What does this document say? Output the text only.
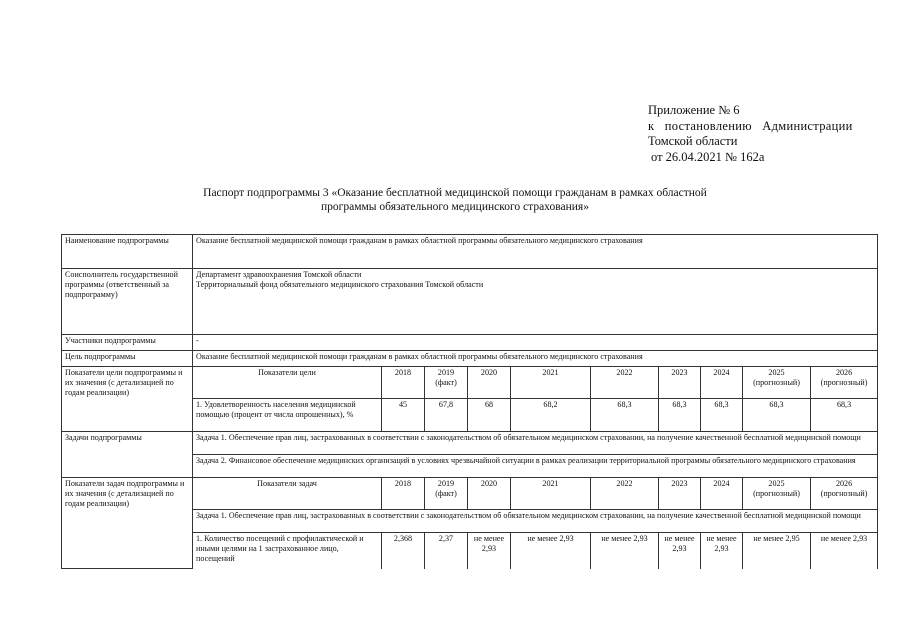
Приложение № 6
к постановлению Администрации
Томской области
от 26.04.2021 № 162а
Паспорт подпрограммы 3 «Оказание бесплатной медицинской помощи гражданам в рамках областной
программы обязательного медицинского страхования»
Наименование подпрограммы	Оказание бесплатной медицинской помощи гражданам в рамках областной программы обязательного медицинского страхования									
Соисполнитель государственной программы (ответственный за подпрограмму)	Департамент здравоохранения Томской области
Территориальный фонд обязательного медицинского страхования Томской области									

Участники подпрограммы	-									
Цель подпрограммы	Оказание бесплатной медицинской помощи гражданам в рамках областной программы обязательного медицинского страхования									
Показатели цели подпрограммы и их значения (с детализацией по годам реализации)	Показатели цели	2018	2019 (факт)	2020	2021	2022	2023	2024	2025 (прогнозный)	2026 (прогнозный)

	1. Удовлетворенность населения медицинской помощью (процент от числа опрошенных), %	45	67,8	68	68,2	68,3	68,3	68,3	68,3	68,3
Задачи подпрограммы	Задача 1. Обеспечение прав лиц, застрахованных в соответствии с законодательством об обязательном медицинском страховании, на получение качественной бесплатной медицинской помощи									

	Задача 2. Финансовое обеспечение медицинских организаций в условиях чрезвычайной ситуации в рамках реализации территориальной программы обязательного медицинского страхования									

Показатели задач подпрограммы и их значения (с детализацией по годам реализации)	Показатели задач	2018	2019 (факт)	2020	2021	2022	2023	2024	2025 (прогнозный)	2026 (прогнозный)

	Задача 1. Обеспечение прав лиц, застрахованных в соответствии с законодательством об обязательном медицинском страховании, на получение качественной бесплатной медицинской помощи									

	1. Количество посещений с профилактической и иными целями на 1 застрахованное лицо, посещений	2,368	2,37	не менее 2,93	не менее 2,93	не менее 2,93	не менее 2,93	не менее 2,93	не менее 2,95	не менее 2,93
